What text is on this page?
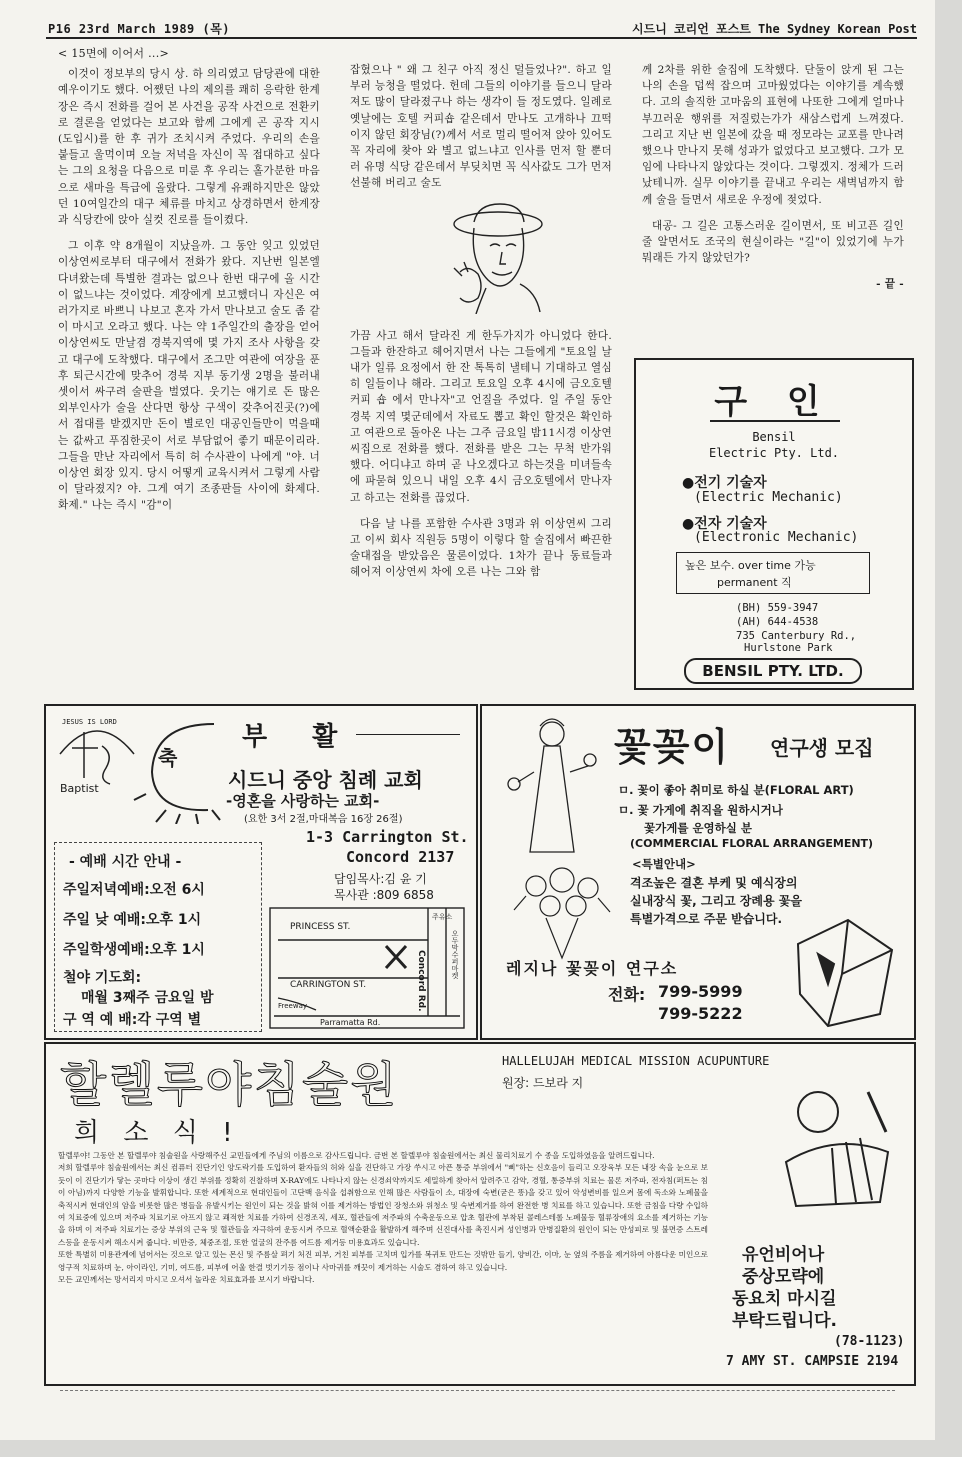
P16 23rd March 1989 (목)	시드니 코리언 포스트 The Sydney Korean Post

< 15면에 이어서 ...>

이것이 정보부의 당시 상. 하 의리였고 담당관에 대한 예우이기도 했다. 어쨌던 나의 제의를 쾌히 응락한 한계장은 즉시 전화를 걸어 본 사건을 공작 사건으로 전환키로 결론을 얻었다는 보고와 함께 그에게 곤 공작 지시(도입시)를 한 후 귀가 조치시켜 주었다. 우리의 손을 붙들고 울먹이며 오늘 저녁을 자신이 꼭 접대하고 싶다는 그의 요청을 다음으로 미룬 후 우리는 홀가분한 마음으로 새마을 특급에 올랐다. 그렇게 유쾌하지만은 않았던 10여일간의 대구 체류를 마치고 상경하면서 한계장과 식당칸에 앉아 실컷 진로를 들이켰다.

그 이후 약 8개월이 지났을까. 그 동안 잊고 있었던 이상연씨로부터 대구에서 전화가 왔다. 지난번 일본엘 다녀왔는데 특별한 결과는 없으나 한번 대구에 올 시간이 없느냐는 것이었다. 계장에게 보고했더니 자신은 여러가지로 바쁘니 나보고 혼자 가서 만나보고 술도 좀 같이 마시고 오라고 했다. 나는 약 1주일간의 출장을 얻어 이상연씨도 만날겸 경북지역에 몇 가지 조사 사항을 갖고 대구에 도착했다. 대구에서 조그만 여관에 여장을 푼 후 퇴근시간에 맞추어 경북 지부 동기생 2명을 불러내 셋이서 싸구려 술판을 벌였다. 웃기는 얘기로 돈 많은 외부인사가 술을 산다면 항상 구색이 갖추어진곳(?)에서 접대를 받겠지만 돈이 별로인 대공인들만이 먹을때는 값싸고 푸짐한곳이 서로 부담없어 좋기 때문이리라. 그들을 만난 자리에서 특히 허 수사관이 나에게 "야. 너 이상연 회장 있지. 당시 어떻게 교육시켜서 그렇게 사람이 달라졌지? 야. 그게 여기 조종판들 사이에 화제다. 화제." 나는 즉시 "감"이

잡혔으나 " 왜 그 친구 아직 정신 덜들었나?". 하고 일부러 능청을 떨었다. 헌데 그들의 이야기를 들으니 달라져도 많이 달라졌구나 하는 생각이 들 정도였다. 일례로 옛날에는 호텔 커피숍 같은데서 만나도 고개하나 끄떡이지 않던 회장님(?)께서 서로 멀리 떨어져 앉아 있어도 꼭 자리에 찾아 와 별고 없느냐고 인사를 먼저 할 뿐더러 유명 식당 같은데서 부딪치면 꼭 식사값도 그가 먼저 선불해 버리고 술도

가끔 사고 해서 달라진 게 한두가지가 아니었다 한다. 그들과 한잔하고 헤어지면서 나는 그들에게 "토요일 날 내가 일류 요정에서 한 잔 톡톡히 낼테니 기대하고 열심히 일들이나 해라. 그리고 토요일 오후 4시에 금오호텔커피 숍 에서 만나자"고 언질을 주었다. 일 주일 동안 경북 지역 몇군데에서 자료도 뽑고 확인 할것은 확인하고 여관으로 돌아온 나는 그주 금요일 밤11시경 이상연씨집으로 전화를 했다. 전화를 받은 그는 무척 반가워 했다. 어디냐고 하며 곧 나오겠다고 하는것을 미녀들속에 파묻혀 있으니 내일 오후 4시 금오호텔에서 만나자고 하고는 전화를 끊었다.

다음 날 나를 포함한 수사관 3명과 위 이상연씨 그리고 이씨 회사 직원등 5명이 이렇다 할 술집에서 빠끈한 술대접을 받았음은 물론이었다. 1차가 끝나 동료들과 헤어져 이상연씨 차에 오른 나는 그와 함

께 2차를 위한 술집에 도착했다. 단둘이 앉게 된 그는 나의 손을 덥썩 잡으며 고마웠었다는 이야기를 계속했다. 고의 솔직한 고마움의 표현에 나또한 그에게 얼마나 부끄러운 행위를 저질렀는가가 새삼스럽게 느껴졌다. 그리고 지난 번 일본에 갔을 때 정모라는 교포를 만나려 했으나 만나지 못해 성과가 없었다고 보고했다. 그가 모임에 나타나지 않았다는 것이다. 그렇겠지. 정체가 드러났테니까. 실무 이야기를 끝내고 우리는 새벽넘까지 함께 술을 들면서 새로운 우정에 젖었다.

대공- 그 길은 고통스러운 길이면서, 또 비고픈 길인 줄 알면서도 조국의 현실이라는 "길"이 있었기에 누가 뭐래든 가지 않았던가?

- 끝 -
구 인
Bensil
Electric Pty. Ltd.
●전기 기술자
(Electric Mechanic)
●전자 기술자
(Electronic Mechanic)
높은 보수. over time 가능
permanent 직
(BH) 559-3947
(AH) 644-4538
735 Canterbury Rd.,
Hurlstone Park
BENSIL PTY. LTD.
JESUS IS LORD
Baptist
축
부 활
시드니 중앙 침례 교회
-영혼을 사랑하는 교회-
(요한 3서 2절,마대복음 16장 26절)
1-3 Carrington St.
Concord 2137
담임목사:김 윤 기
목사관 :809 6858
- 예배 시간 안내 -
주일저녁예배:오전 6시
주일 낮 예배:오후 1시
주일학생예배:오후 1시
철야 기도회:
매월 3째주 금요일 밤
구 역 예 배:각 구역 별
PRINCESS ST.
CARRINGTON ST.	Concord Rd.	오두막수퍼마켓
주유소
Freeway
Parramatta Rd.
꽃꽂이 연구생 모집
ㅁ. 꽃이 좋아 취미로 하실 분(FLORAL ART)
ㅁ. 꽃 가게에 취직을 원하시거나
꽃가게를 운영하실 분
(COMMERCIAL FLORAL ARRANGEMENT)
<특별안내>
격조높은 결혼 부케 및 예식장의
실내장식 꽃, 그리고 장례용 꽃을
특별가격으로 주문 받습니다.
레지나 꽃꽂이 연구소
전화: 799-5999
799-5222
할렐루야침술원	HALLELUJAH MEDICAL MISSION ACUPUNTURE
원장: 드보라 지
희 소 식 !

할렐루야! 그동안 본 할렐루야 침술원을 사랑해주신 교민들에게 주님의 이름으로 감사드립니다. 금번 본 할렐루야 침술원에서는 최신 물리치료기 수 종을 도입하였음을 알려드립니다.

저희 할렐루야 침술원에서는 최신 컴퓨터 진단기인 양도락기를 도입하여 환자들의 허와 실을 진단하고 가장 쑤시고 아픈 통증 부위에서 "삐"하는 신호음이 들리고 오장육부 모든 내장 속을 눈으로 보듯이 이 진단기가 닿는 곳마다 이상이 생긴 부위를 정확히 진찰하며 X-RAY에도 나타나지 않는 신경쇠약까지도 세밀하게 찾아서 알려주고 감약, 경혈, 통증부위 치료는 물론 저주파, 전자침(퍼트는 침이 아님)까지 다양한 기능을 발휘합니다. 또한 세계적으로 현대인들이 고단백 음식을 섭취함으로 인해 많은 사람들이 소, 대장에 숙변(굳은 똥)을 갖고 있어 악성변비를 일으켜 몸에 독소와 노폐물을 축적시켜 현대인의 암을 비롯한 많은 병들을 유발시키는 원인이 되는 것을 밝혀 이를 제거하는 방법인 장청소와 위청소 및 숙변제거를 하여 완전한 병 치료를 하고 있습니다. 또한 금침을 다량 수입하여 치료중에 있으며 저주파 치료기로 아프지 않고 쾌적한 치료를 가하여 신경조직, 세포, 혈관들에 저주파의 수축운동으로 압초 혈관에 부착된 콜레스테롤 노폐물등 혈류장애의 요소를 제거하는 기능을 하며 이 저주파 치료기는 증상 부위의 근육 및 혈관들을 자극하여 운동시켜 주므로 혈액순환을 활발하게 해주며 신진대사를 촉진시켜 성인병과 만병질환의 원인이 되는 만성피로 및 불면증 스트레스등을 운동시켜 해소시켜 줍니다. 비만증, 체중조절, 또한 얼굴의 잔주름 여드름 제거등 미용효과도 있습니다.

또한 특별히 미용관계에 넘어서는 것으로 알고 있는 몬신 및 주름살 펴기 처진 피부, 거친 피부를 고치며 입가를 복귀토 만드는 것밖만 들기, 양비간, 이마, 눈 옆의 주름을 제거하여 아름다운 미인으로 영구적 치료하며 눈, 아이라인, 기미, 여드름, 피부에 어울 한결 벗기기등 점이나 사마귀를 깨끗이 제거하는 시술도 겸하여 하고 있습니다.

모든 교민께서는 망서리지 마시고 오셔서 놀라운 치료효과를 보시기 바랍니다.

유언비어나
중상모략에
동요치 마시길
부탁드립니다.
(78-1123)
7 AMY ST. CAMPSIE 2194
